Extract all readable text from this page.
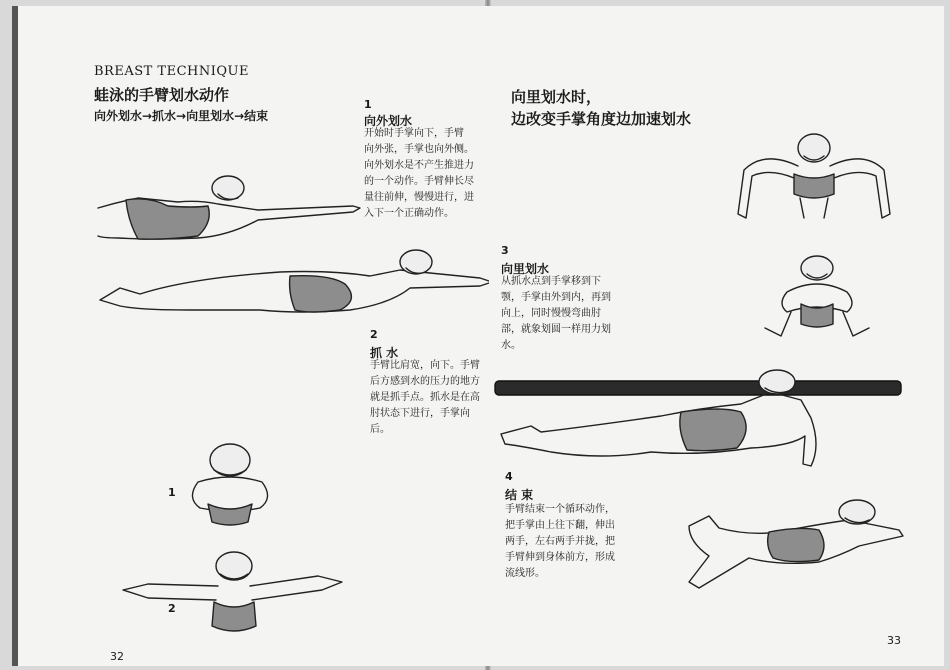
BREAST TECHNIQUE
蛙泳的手臂划水动作
向外划水→抓水→向里划水→结束
1
向外划水
开始时手掌向下，手臂
向外张，手掌也向外侧。
向外划水是不产生推进力
的一个动作。手臂伸长尽
量往前伸，慢慢进行，进
入下一个正确动作。
2
抓 水
手臂比肩宽，向下。手臂
后方感到水的压力的地方
就是抓手点。抓水是在高
肘状态下进行，手掌向
后。
1
2
32
向里划水时，
边改变手掌角度边加速划水
3
向里划水
从抓水点到手掌移到下
颚，手掌由外到内，再到
向上，同时慢慢弯曲肘
部，就象划圆一样用力划
水。
4
结 束
手臂结束一个循环动作，
把手掌由上往下翻，伸出
两手，左右两手并拢，把
手臂伸到身体前方，形成
流线形。
33
